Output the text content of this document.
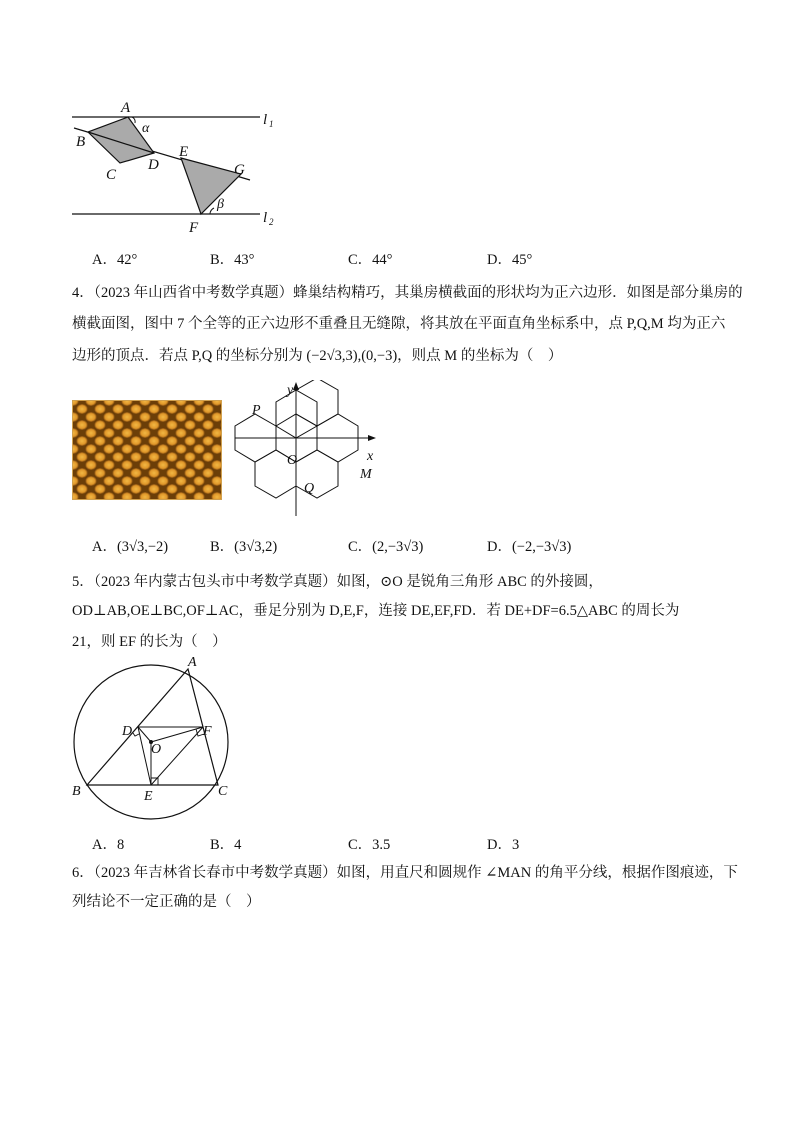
A
α
B
C
D
E
G
β
F
l 1
l 2
A．42°	B．43°	C．44°	D．45°
4．（2023 年山西省中考数学真题）蜂巢结构精巧，其巢房横截面的形状均为正六边形．如图是部分巢房的
横截面图，图中 7 个全等的正六边形不重叠且无缝隙，将其放在平面直角坐标系中，点 P,Q,M 均为正六
边形的顶点．若点 P,Q 的坐标分别为 (−2√3,3),(0,−3)，则点 M 的坐标为（　）
y
x
O
P
Q
M
A．(3√3,−2)	B．(3√3,2)	C．(2,−3√3)	D．(−2,−3√3)
5．（2023 年内蒙古包头市中考数学真题）如图，⊙O 是锐角三角形 ABC 的外接圆，
OD⊥AB,OE⊥BC,OF⊥AC，垂足分别为 D,E,F，连接 DE,EF,FD．若 DE+DF=6.5△ABC 的周长为
21，则 EF 的长为（　）
A
B	C
D
E
F
O
A．8	B．4	C．3.5	D．3
6．（2023 年吉林省长春市中考数学真题）如图，用直尺和圆规作 ∠MAN 的角平分线，根据作图痕迹，下
列结论不一定正确的是（　）
